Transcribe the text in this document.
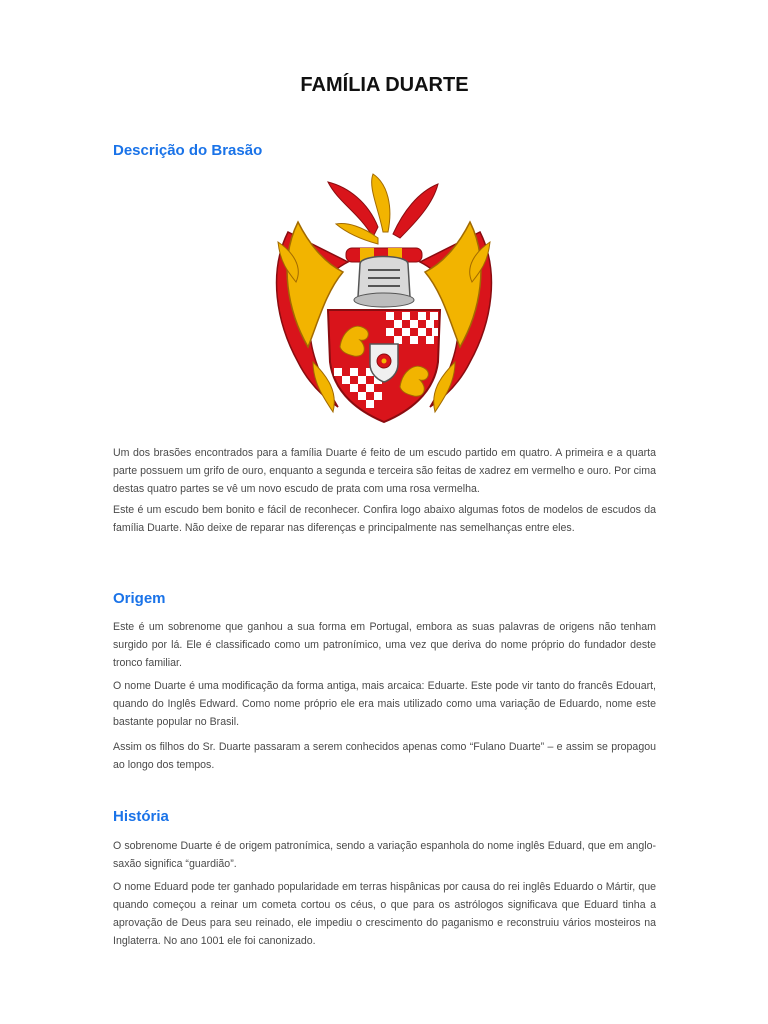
FAMÍLIA DUARTE
Descrição do Brasão

Um dos brasões encontrados para a família Duarte é feito de um escudo partido em quatro. A primeira e a quarta parte possuem um grifo de ouro, enquanto a segunda e terceira são feitas de xadrez em vermelho e ouro. Por cima destas quatro partes se vê um novo escudo de prata com uma rosa vermelha.

Este é um escudo bem bonito e fácil de reconhecer. Confira logo abaixo algumas fotos de modelos de escudos da família Duarte. Não deixe de reparar nas diferenças e principalmente nas semelhanças entre eles.

Origem

Este é um sobrenome que ganhou a sua forma em Portugal, embora as suas palavras de origens não tenham surgido por lá. Ele é classificado como um patronímico, uma vez que deriva do nome próprio do fundador deste tronco familiar.

O nome Duarte é uma modificação da forma antiga, mais arcaica: Eduarte. Este pode vir tanto do francês Edouart, quando do Inglês Edward. Como nome próprio ele era mais utilizado como uma variação de Eduardo, nome este bastante popular no Brasil.

Assim os filhos do Sr. Duarte passaram a serem conhecidos apenas como “Fulano Duarte” – e assim se propagou ao longo dos tempos.

História

O sobrenome Duarte é de origem patronímica, sendo a variação espanhola do nome inglês Eduard, que em anglo-saxão significa “guardião”.

O nome Eduard pode ter ganhado popularidade em terras hispânicas por causa do rei inglês Eduardo o Mártir, que quando começou a reinar um cometa cortou os céus, o que para os astrólogos significava que Eduard tinha a aprovação de Deus para seu reinado, ele impediu o crescimento do paganismo e reconstruiu vários mosteiros na Inglaterra. No ano 1001 ele foi canonizado.
